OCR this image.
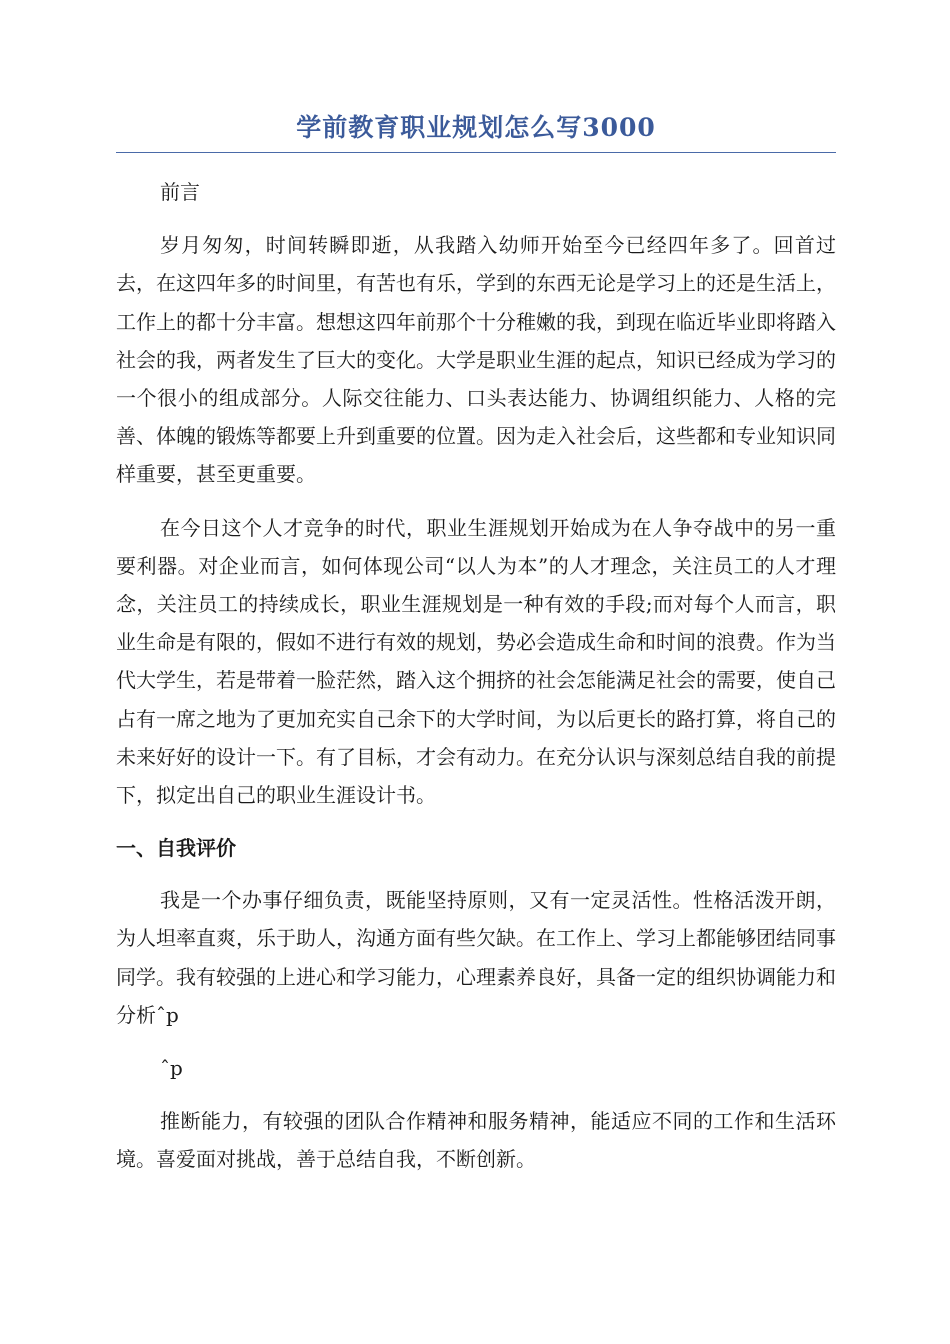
学前教育职业规划怎么写3000

前言

岁月匆匆，时间转瞬即逝，从我踏入幼师开始至今已经四年多了。回首过去，在这四年多的时间里，有苦也有乐，学到的东西无论是学习上的还是生活上，工作上的都十分丰富。想想这四年前那个十分稚嫩的我，到现在临近毕业即将踏入社会的我，两者发生了巨大的变化。大学是职业生涯的起点，知识已经成为学习的一个很小的组成部分。人际交往能力、口头表达能力、协调组织能力、人格的完善、体魄的锻炼等都要上升到重要的位置。因为走入社会后，这些都和专业知识同样重要，甚至更重要。

在今日这个人才竞争的时代，职业生涯规划开始成为在人争夺战中的另一重要利器。对企业而言，如何体现公司“以人为本”的人才理念，关注员工的人才理念，关注员工的持续成长，职业生涯规划是一种有效的手段;而对每个人而言，职业生命是有限的，假如不进行有效的规划，势必会造成生命和时间的浪费。作为当代大学生，若是带着一脸茫然，踏入这个拥挤的社会怎能满足社会的需要，使自己占有一席之地为了更加充实自己余下的大学时间，为以后更长的路打算，将自己的未来好好的设计一下。有了目标，才会有动力。在充分认识与深刻总结自我的前提下，拟定出自己的职业生涯设计书。

一、自我评价

我是一个办事仔细负责，既能坚持原则，又有一定灵活性。性格活泼开朗，为人坦率直爽，乐于助人，沟通方面有些欠缺。在工作上、学习上都能够团结同事同学。我有较强的上进心和学习能力，心理素养良好，具备一定的组织协调能力和分析ˆp

ˆp

推断能力，有较强的团队合作精神和服务精神，能适应不同的工作和生活环境。喜爱面对挑战，善于总结自我，不断创新。
